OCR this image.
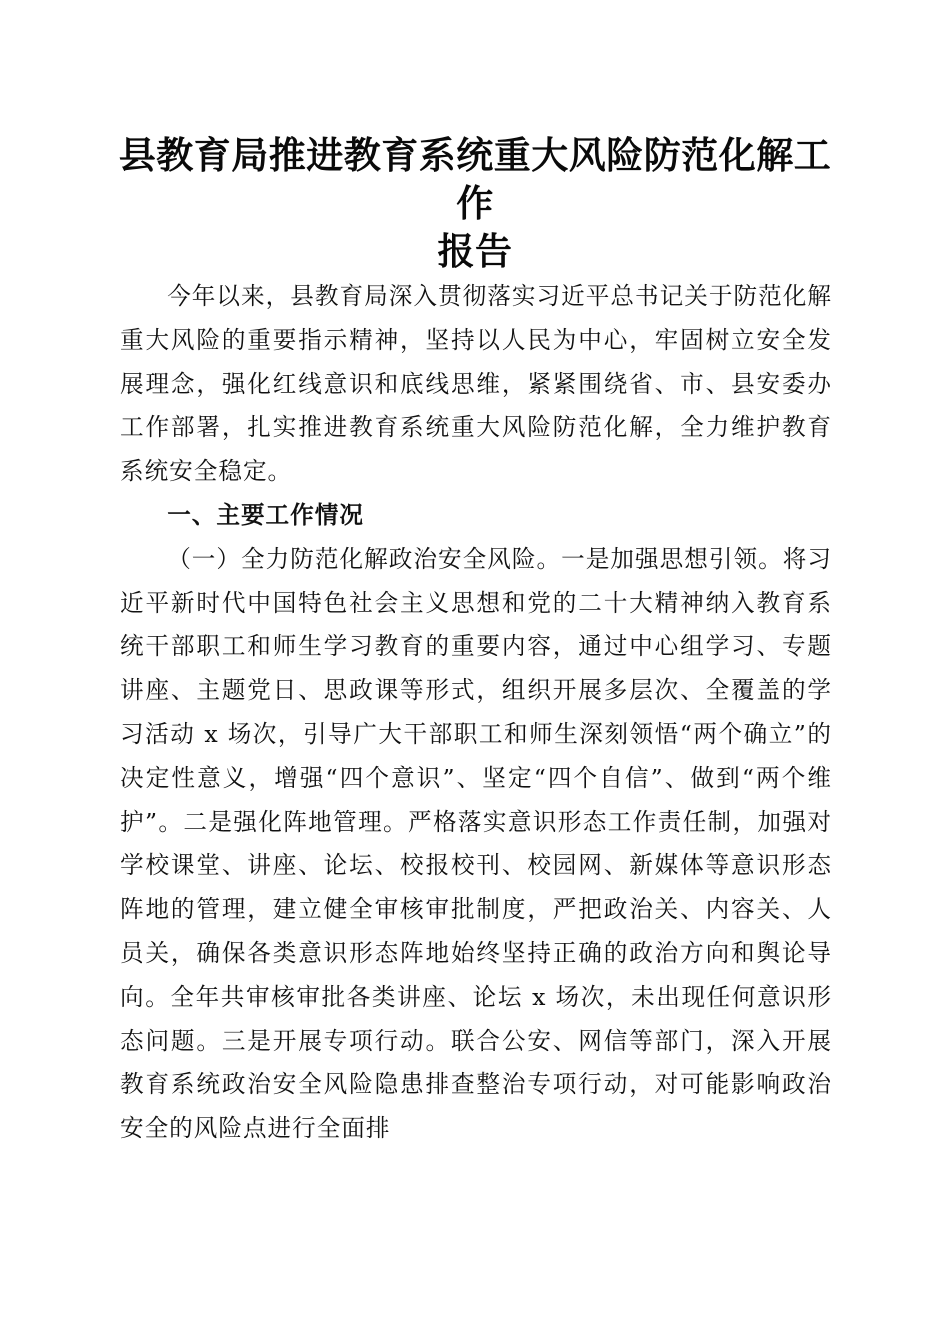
县教育局推进教育系统重大风险防范化解工作
报告

今年以来，县教育局深入贯彻落实习近平总书记关于防范化解重大风险的重要指示精神，坚持以人民为中心，牢固树立安全发展理念，强化红线意识和底线思维，紧紧围绕省、市、县安委办工作部署，扎实推进教育系统重大风险防范化解，全力维护教育系统安全稳定。

一、主要工作情况

（一）全力防范化解政治安全风险。一是加强思想引领。将习近平新时代中国特色社会主义思想和党的二十大精神纳入教育系统干部职工和师生学习教育的重要内容，通过中心组学习、专题讲座、主题党日、思政课等形式，组织开展多层次、全覆盖的学习活动 x 场次，引导广大干部职工和师生深刻领悟“两个确立”的决定性意义，增强“四个意识”、坚定“四个自信”、做到“两个维护”。二是强化阵地管理。严格落实意识形态工作责任制，加强对学校课堂、讲座、论坛、校报校刊、校园网、新媒体等意识形态阵地的管理，建立健全审核审批制度，严把政治关、内容关、人员关，确保各类意识形态阵地始终坚持正确的政治方向和舆论导向。全年共审核审批各类讲座、论坛 x 场次，未出现任何意识形态问题。三是开展专项行动。联合公安、网信等部门，深入开展教育系统政治安全风险隐患排查整治专项行动，对可能影响政治安全的风险点进行全面排
